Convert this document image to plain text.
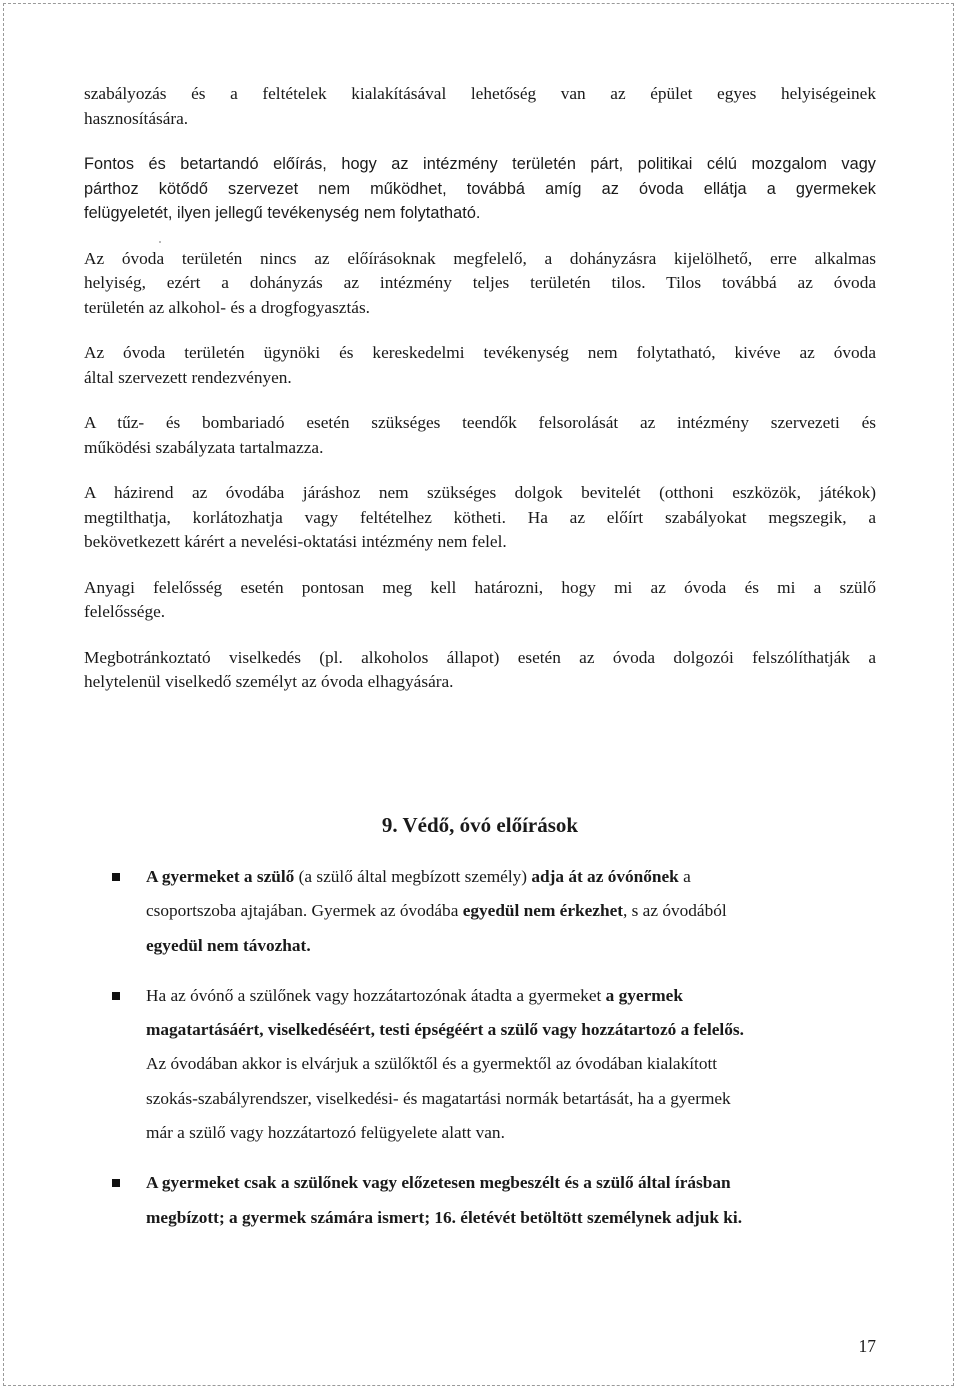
szabályozás és a feltételek kialakításával lehetőség van az épület egyes helyiségeinek
hasznosítására.

Fontos és betartandó előírás, hogy az intézmény területén párt, politikai célú mozgalom vagy
párthoz kötődő szervezet nem működhet, továbbá amíg az óvoda ellátja a gyermekek
felügyeletét, ilyen jellegű tevékenység nem folytatható.

Az óvoda területén nincs az előírásoknak megfelelő, a dohányzásra kijelölhető, erre alkalmas
helyiség, ezért a dohányzás az intézmény teljes területén tilos. Tilos továbbá az óvoda
területén az alkohol- és a drogfogyasztás.

Az óvoda területén ügynöki és kereskedelmi tevékenység nem folytatható, kivéve az óvoda
által szervezett rendezvényen.

A tűz- és bombariadó esetén szükséges teendők felsorolását az intézmény szervezeti és
működési szabályzata tartalmazza.

A házirend az óvodába járáshoz nem szükséges dolgok bevitelét (otthoni eszközök, játékok)
megtilthatja, korlátozhatja vagy feltételhez kötheti. Ha az előírt szabályokat megszegik, a
bekövetkezett kárért a nevelési-oktatási intézmény nem felel.

Anyagi felelősség esetén pontosan meg kell határozni, hogy mi az óvoda és mi a szülő
felelőssége.

Megbotránkoztató viselkedés (pl. alkoholos állapot) esetén az óvoda dolgozói felszólíthatják a
helytelenül viselkedő személyt az óvoda elhagyására.

9. Védő, óvó előírások
A gyermeket a szülő (a szülő által megbízott személy) adja át az óvónőnek a
csoportszoba ajtajában. Gyermek az óvodába egyedül nem érkezhet, s az óvodából
egyedül nem távozhat.
Ha az óvónő a szülőnek vagy hozzátartozónak átadta a gyermeket a gyermek
magatartásáért, viselkedéséért, testi épségéért a szülő vagy hozzátartozó a felelős.
Az óvodában akkor is elvárjuk a szülőktől és a gyermektől az óvodában kialakított
szokás-szabályrendszer, viselkedési- és magatartási normák betartását, ha a gyermek
már a szülő vagy hozzátartozó felügyelete alatt van.
A gyermeket csak a szülőnek vagy előzetesen megbeszélt és a szülő által írásban
megbízott; a gyermek számára ismert; 16. életévét betöltött személynek adjuk ki.
17
